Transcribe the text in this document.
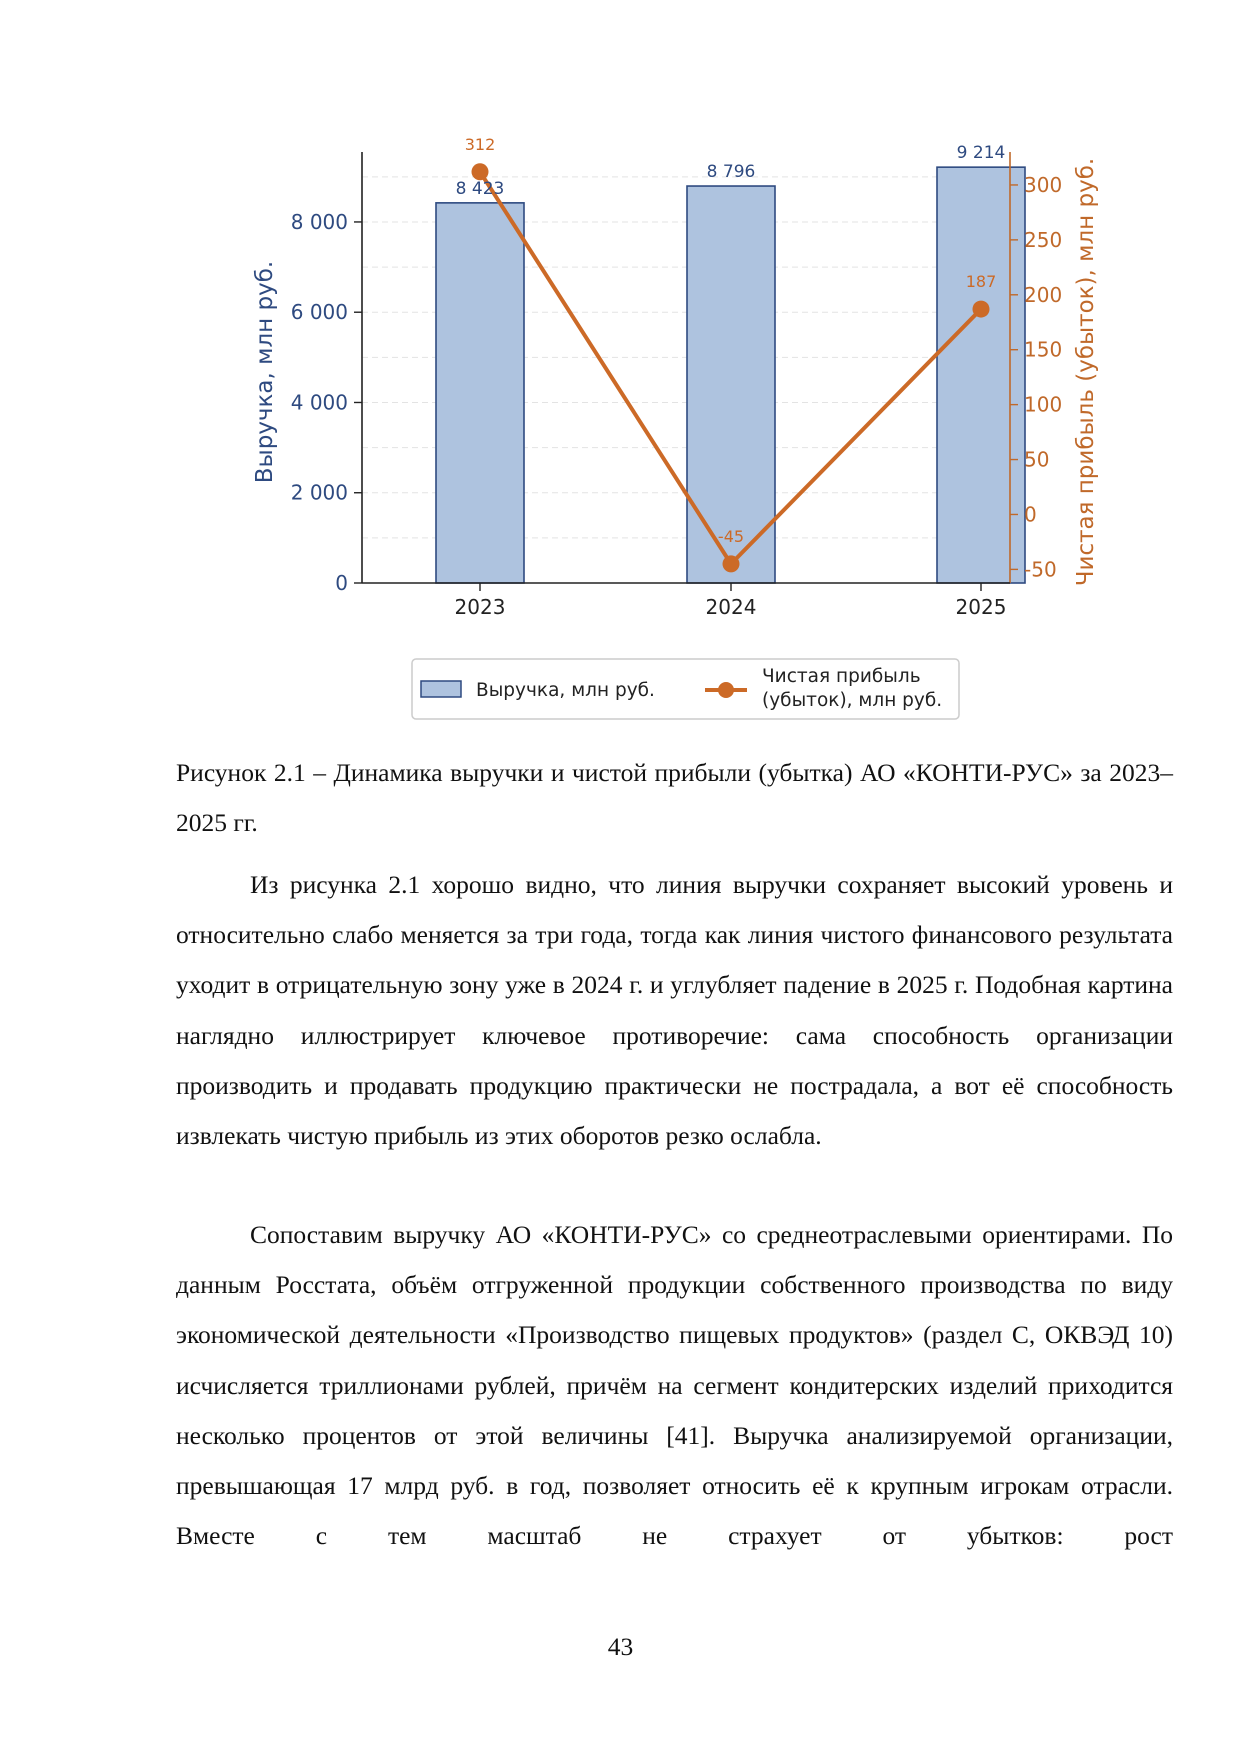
0
2 000
4 000
6 000
8 000
-50
0
50
100
150
200
250
300
2023	2024	2025
8 423
8 796
9 214
312
-45
187
Выручка, млн руб.	Чистая прибыль (убыток), млн руб.
Выручка, млн руб.
Чистая прибыль
(убыток), млн руб.

Рисунок 2.1 – Динамика выручки и чистой прибыли (убытка) АО «КОНТИ-РУС» за 2023–2025 гг.

Из рисунка 2.1 хорошо видно, что линия выручки сохраняет высокий уровень и относительно слабо меняется за три года, тогда как линия чистого финансового результата уходит в отрицательную зону уже в 2024 г. и углубляет падение в 2025 г. Подобная картина наглядно иллюстрирует ключевое противоречие: сама способность организации производить и продавать продукцию практически не пострадала, а вот её способность извлекать чистую прибыль из этих оборотов резко ослабла.

Сопоставим выручку АО «КОНТИ-РУС» со среднеотраслевыми ориентирами. По данным Росстата, объём отгруженной продукции собственного производства по виду экономической деятельности «Производство пищевых продуктов» (раздел С, ОКВЭД 10) исчисляется триллионами рублей, причём на сегмент кондитерских изделий приходится несколько процентов от этой величины [41]. Выручка анализируемой организации, превышающая 17 млрд руб. в год, позволяет относить её к крупным игрокам отрасли. Вместе с тем масштаб не страхует от убытков: рост

43
